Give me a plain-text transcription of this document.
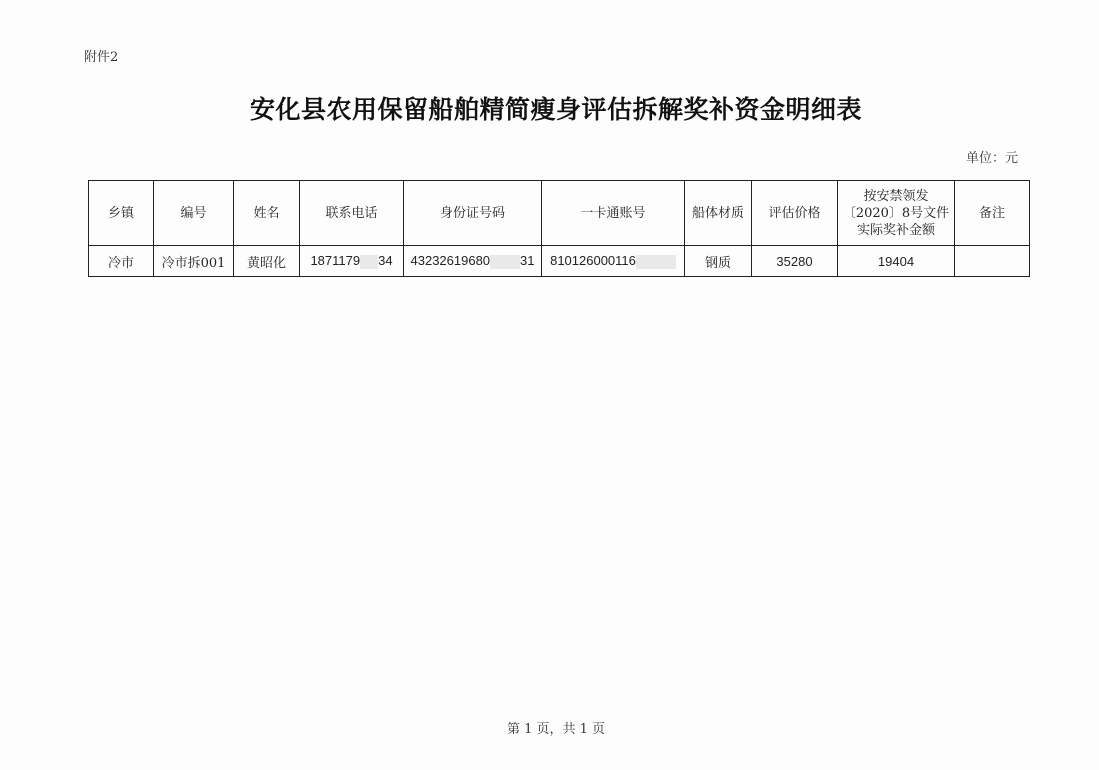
附件2
安化县农用保留船舶精简瘦身评估拆解奖补资金明细表
单位：元
乡镇	编号	姓名	联系电话	身份证号码	一卡通账号	船体材质	评估价格	按安禁领发〔2020〕8号文件实际奖补金额	备注
冷市	冷市拆001	黄昭化	1871179 34	43232619680 31	810126000116	钢质	35280	19404	
第 1 页，共 1 页
